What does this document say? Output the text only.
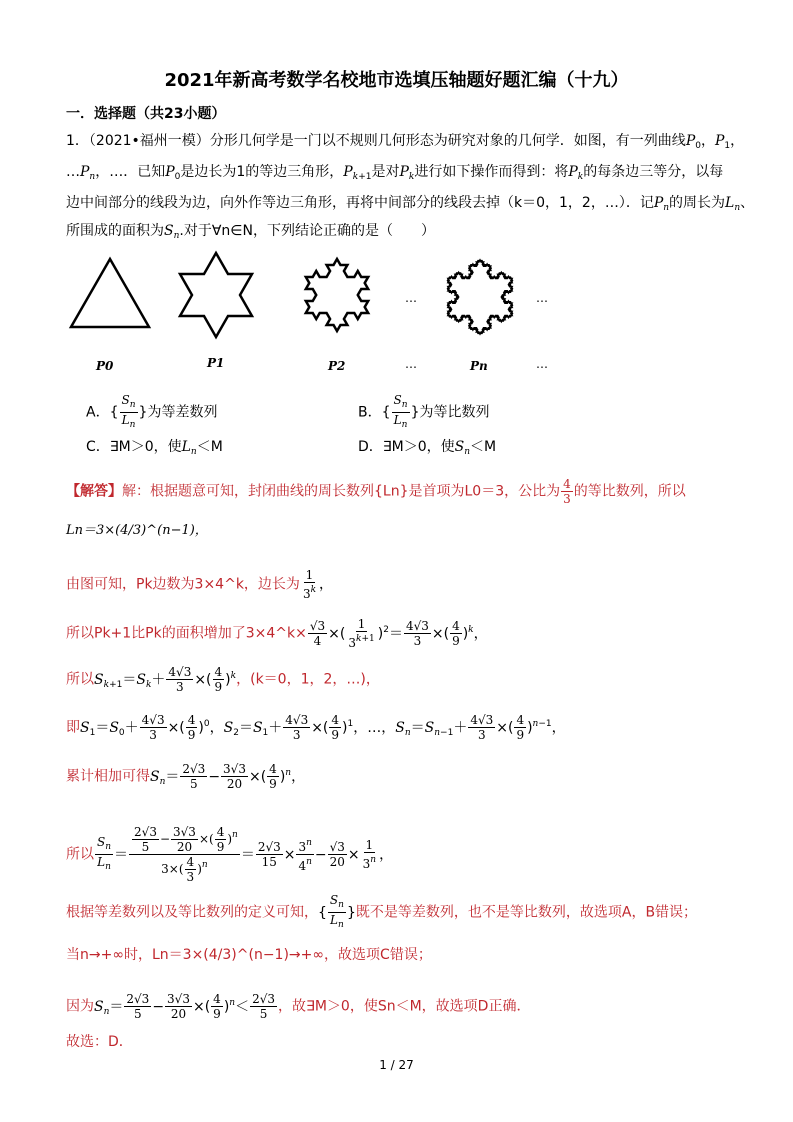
2021年新高考数学名校地市选填压轴题好题汇编（十九）
一．选择题（共23小题）
1．（2021•福州一模）分形几何学是一门以不规则几何形态为研究对象的几何学．如图，有一列曲线$P_0$，$P_1$，
$\dots P_n$，…．已知$P_0$是边长为1的等边三角形，$P_{k+1}$是对$P_k$进行如下操作而得到：将$P_k$的每条边三等分，以每
边中间部分的线段为边，向外作等边三角形，再将中间部分的线段去掉（k＝0，1，2，…）．记$P_n$的周长为$L_n$、
所围成的面积为$S_n$.对于∀n∈N，下列结论正确的是（　　）
…	…
…	…
P0	P1	P2	Pn
A．{ $\frac{S_n}{L_n}$ }为等差数列	B．{ $\frac{S_n}{L_n}$ }为等比数列
C．∃M＞0，使$L_n<M$	D．∃M＞0，使$S_n<M$
【解答】解：根据题意可知，封闭曲线的周长数列{Ln}是首项为L0＝3，公比为 $\frac{4}{3}$ 的等比数列，所以
Ln＝3×(4/3)^(n−1)，
由图可知，Pk边数为3×4^k，边长为 $\frac{1}{3^k}$ ，
所以Pk+1比Pk的面积增加了3×4^k× $\frac{√3}{4}$ ×( $\frac{1}{3^{k+1}} )^2= \frac{4√3}{3}$ ×( $\frac{4}{9} )^k$，
所以$S_{k+1}=S_k+ \frac{4√3}{3}$ ×( $\frac{4}{9} )^k$，(k＝0，1，2，…)，
即$S_1=S_0+ \frac{4√3}{3}$ ×( $\frac{4}{9} )^0$，$S_2=S_1+ \frac{4√3}{3}$ ×( $\frac{4}{9} )^1$，…，$S_n=S_{n-1}+ \frac{4√3}{3}$ ×( $\frac{4}{9} )^{n-1}$，
累计相加可得$S_n= \frac{2√3}{5} - \frac{3√3}{20}$ ×( $\frac{4}{9} )^n$，
所以 $\frac{S_n}{L_n} = \frac{\frac{2√3}{5} - \frac{3√3}{20} \times( \frac{4}{9} )^n}{3\times( \frac{4}{3} )^n} = \frac{2√3}{15} \times \frac{3^n}{4^n} - \frac{√3}{20} \times \frac{1}{3^n}$ ，
根据等差数列以及等比数列的定义可知，{ $\frac{S_n}{L_n}$ }既不是等差数列，也不是等比数列，故选项A，B错误；
当n→+∞时，Ln＝3×(4/3)^(n−1)→+∞，故选项C错误；
因为$S_n= \frac{2√3}{5} - \frac{3√3}{20}$ ×( $\frac{4}{9} )^n< \frac{2√3}{5}$ ，故∃M＞0，使Sn＜M，故选项D正确．
故选：D．
1 / 27
